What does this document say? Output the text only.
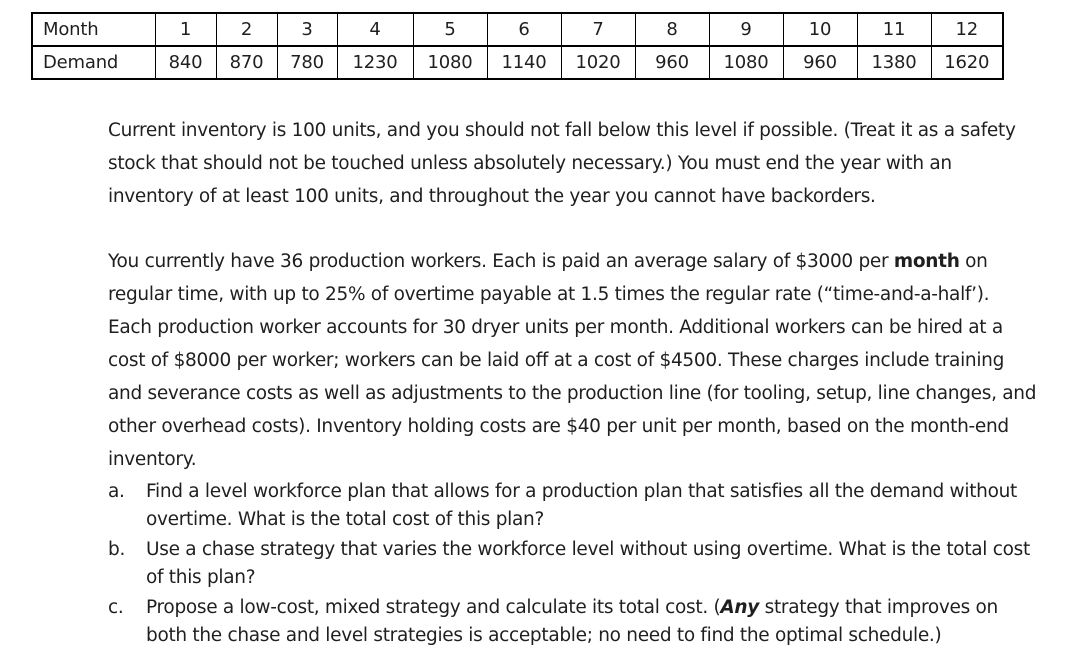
Month	1	2	3	4	5	6	7	8	9	10	11	12
Demand	840	870	780	1230	1080	1140	1020	960	1080	960	1380	1620

Current inventory is 100 units, and you should not fall below this level if possible. (Treat it as a safety stock that should not be touched unless absolutely necessary.) You must end the year with an inventory of at least 100 units, and throughout the year you cannot have backorders.

You currently have 36 production workers. Each is paid an average salary of $3000 per month on regular time, with up to 25% of overtime payable at 1.5 times the regular rate (“time-and-a-half’). Each production worker accounts for 30 dryer units per month. Additional workers can be hired at a cost of $8000 per worker; workers can be laid off at a cost of $4500. These charges include training and severance costs as well as adjustments to the production line (for tooling, setup, line changes, and other overhead costs). Inventory holding costs are $40 per unit per month, based on the month-end inventory.

a. Find a level workforce plan that allows for a production plan that satisfies all the demand without overtime. What is the total cost of this plan?
b. Use a chase strategy that varies the workforce level without using overtime. What is the total cost of this plan?
c. Propose a low-cost, mixed strategy and calculate its total cost. (Any strategy that improves on both the chase and level strategies is acceptable; no need to find the optimal schedule.)
